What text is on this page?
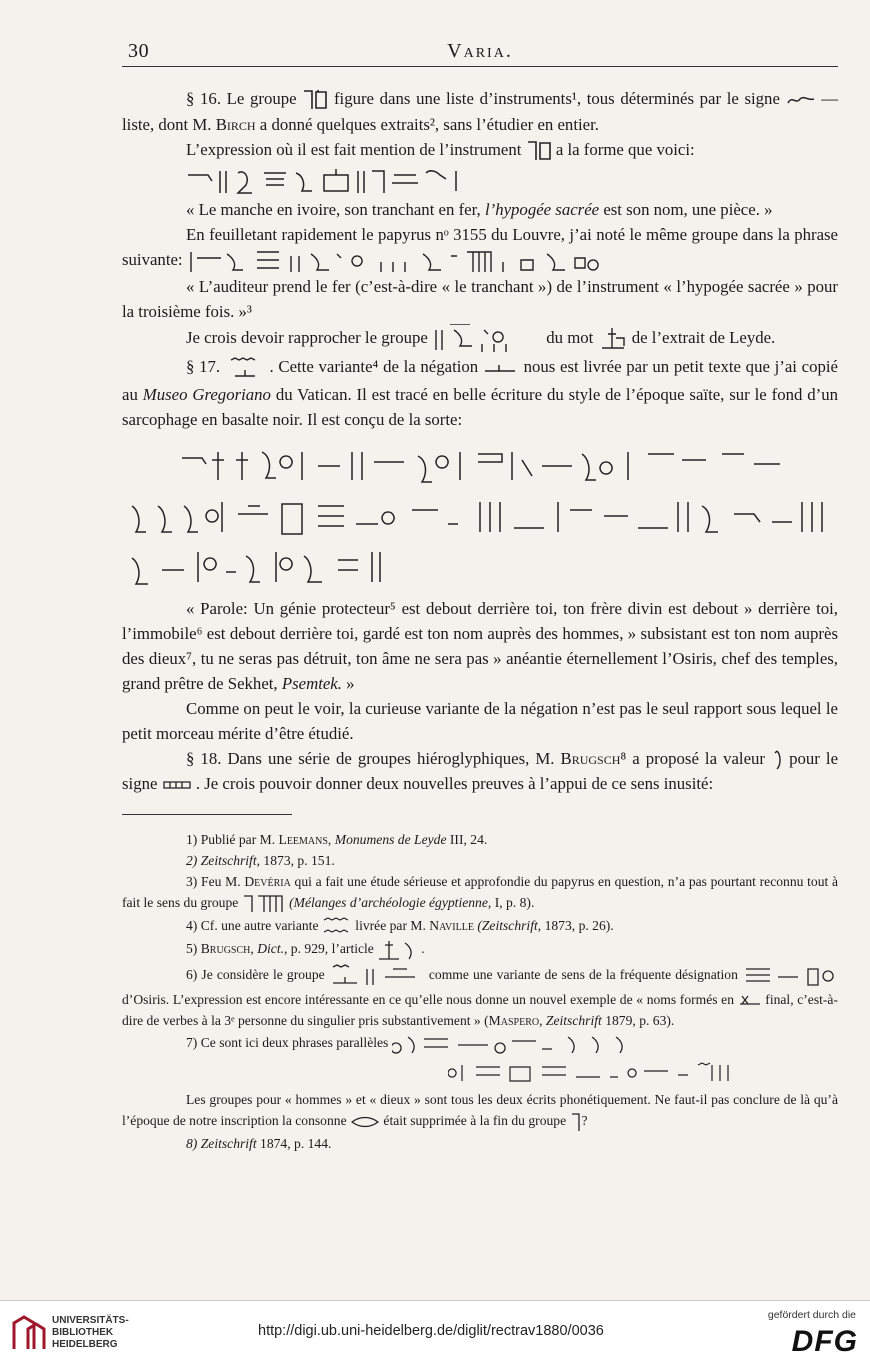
30	Varia.

§ 16. Le groupe figure dans une liste d’instruments¹, tous déterminés par le signe — liste, dont M. Birch a donné quelques extraits², sans l’étudier en entier.

L’expression où il est fait mention de l’instrument a la forme que voici:

« Le manche en ivoire, son tranchant en fer, l’hypogée sacrée est son nom, une pièce. »

En feuilletant rapidement le papyrus nᵒ 3155 du Louvre, j’ai noté le même groupe dans la phrase suivante:

« L’auditeur prend le fer (c’est-à-dire « le tranchant ») de l’instrument « l’hypogée sacrée » pour la troisième fois. »³

Je crois devoir rapprocher le groupe	du mot de l’extrait de Leyde.

§ 17.	. Cette variante⁴ de la négation	nous est livrée par un petit texte que j’ai copié au Museo Gregoriano du Vatican. Il est tracé en belle écriture du style de l’époque saïte, sur le fond d’un sarcophage en basalte noir. Il est conçu de la sorte:

« Parole: Un génie protecteur⁵ est debout derrière toi, ton frère divin est debout » derrière toi, l’immobile⁶ est debout derrière toi, gardé est ton nom auprès des hommes, » subsistant est ton nom auprès des dieux⁷, tu ne seras pas détruit, ton âme ne sera pas » anéantie éternellement l’Osiris, chef des temples, grand prêtre de Sekhet, Psemtek. »

Comme on peut le voir, la curieuse variante de la négation n’est pas le seul rapport sous lequel le petit morceau mérite d’être étudié.

§ 18. Dans une série de groupes hiéroglyphiques, M. Brugsch⁸ a proposé la valeur pour le signe . Je crois pouvoir donner deux nouvelles preuves à l’appui de ce sens inusité:

1) Publié par M. Leemans, Monumens de Leyde III, 24.

2) Zeitschrift, 1873, p. 151.

3) Feu M. Devéria qui a fait une étude sérieuse et approfondie du papyrus en question, n’a pas pourtant reconnu tout à fait le sens du groupe	(Mélanges d’archéologie égyptienne, I, p. 8).

4) Cf. une autre variante	livrée par M. Naville (Zeitschrift, 1873, p. 26).

5) Brugsch, Dict., p. 929, l’article	.

6) Je considère le groupe	comme une variante de sens de la fréquente désignation  d’Osiris. L’expression est encore intéressante en ce qu’elle nous donne un nouvel exemple de « noms formés en final, c’est-à-dire de verbes à la 3ᵉ personne du singulier pris substantivement » (Maspero, Zeitschrift 1879, p. 63).

7) Ce sont ici deux phrases parallèles

Les groupes pour « hommes » et « dieux » sont tous les deux écrits phonétiquement. Ne faut-il pas conclure de là qu’à l’époque de notre inscription la consonne	était supprimée à la fin du groupe ?

8) Zeitschrift 1874, p. 144.

UNIVERSITÄTS- BIBLIOTHEK HEIDELBERG
http://digi.ub.uni-heidelberg.de/diglit/rectrav1880/0036
gefördert durch die
DFG
